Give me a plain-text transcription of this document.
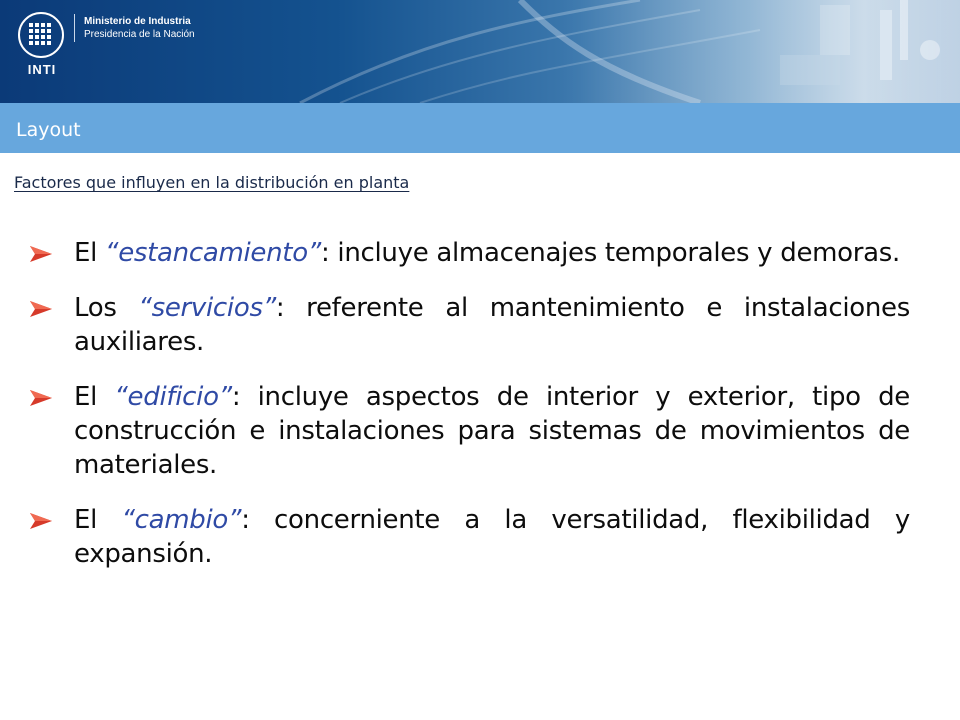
INTI
Ministerio de Industria
Presidencia de la Nación
Layout
Factores que influyen en la distribución en planta
El “estancamiento”: incluye almacenajes temporales y demoras.
Los “servicios”: referente al mantenimiento e instalaciones auxiliares.
El “edificio”: incluye aspectos de interior y exterior, tipo de construcción e instalaciones para sistemas de movimientos de materiales.
El “cambio”: concerniente a la versatilidad, flexibilidad y expansión.
